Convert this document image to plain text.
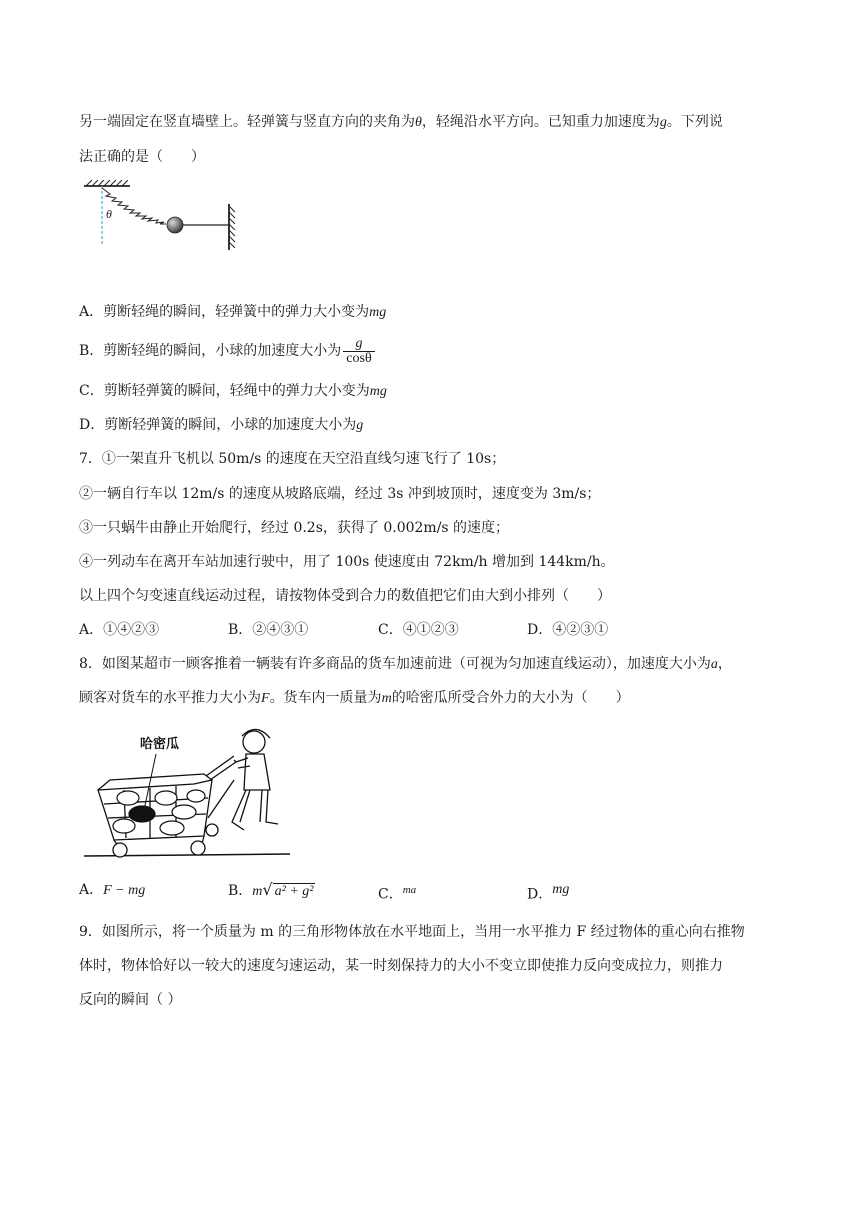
另一端固定在竖直墙壁上。轻弹簧与竖直方向的夹角为θ，轻绳沿水平方向。已知重力加速度为g。下列说
法正确的是（　　）
θ
A．剪断轻绳的瞬间，轻弹簧中的弹力大小变为mg
B．剪断轻绳的瞬间，小球的加速度大小为 $\frac{g}{\cos\theta}$
C．剪断轻弹簧的瞬间，轻绳中的弹力大小变为mg
D．剪断轻弹簧的瞬间，小球的加速度大小为g
7．①一架直升飞机以 50m/s 的速度在天空沿直线匀速飞行了 10s；
②一辆自行车以 12m/s 的速度从坡路底端，经过 3s 冲到坡顶时，速度变为 3m/s；
③一只蜗牛由静止开始爬行，经过 0.2s，获得了 0.002m/s 的速度；
④一列动车在离开车站加速行驶中，用了 100s 使速度由 72km/h 增加到 144km/h。
以上四个匀变速直线运动过程，请按物体受到合力的数值把它们由大到小排列（　　）
A．①④②③	B．②④③①	C．④①②③	D．④②③①
8．如图某超市一顾客推着一辆装有许多商品的货车加速前进（可视为匀加速直线运动），加速度大小为a，
顾客对货车的水平推力大小为F。货车内一质量为m的哈密瓜所受合外力的大小为（　　）
哈密瓜
A．F − mg	B．m√ a² + g²	C．$^{ma}$	D．mg
9．如图所示，将一个质量为 m 的三角形物体放在水平地面上，当用一水平推力 F 经过物体的重心向右推物
体时，物体恰好以一较大的速度匀速运动，某一时刻保持力的大小不变立即使推力反向变成拉力，则推力
反向的瞬间（ ）
